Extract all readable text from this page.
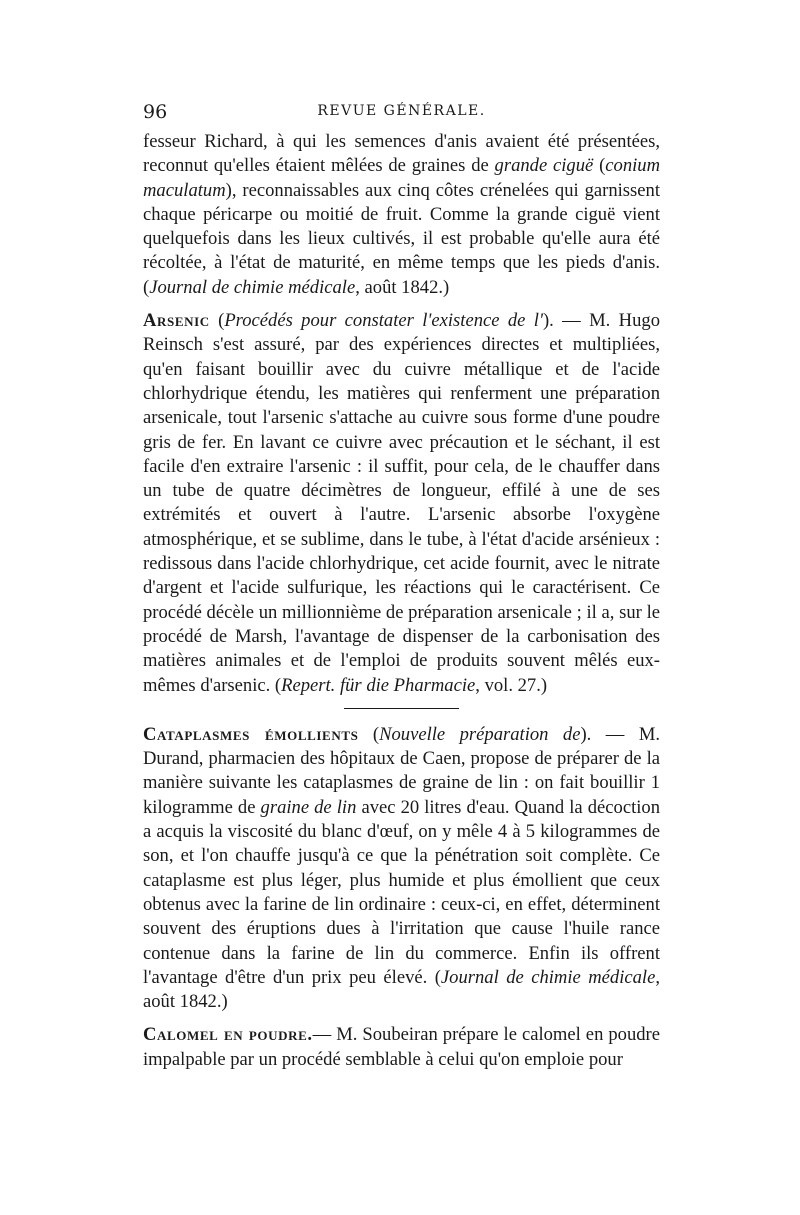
96	REVUE GÉNÉRALE.

fesseur Richard, à qui les semences d'anis avaient été présentées, reconnut qu'elles étaient mêlées de graines de grande ciguë (conium maculatum), reconnaissables aux cinq côtes crénelées qui garnissent chaque péricarpe ou moitié de fruit. Comme la grande ciguë vient quelquefois dans les lieux cultivés, il est probable qu'elle aura été récoltée, à l'état de maturité, en même temps que les pieds d'anis. (Journal de chimie médicale, août 1842.)

Arsenic (Procédés pour constater l'existence de l'). — M. Hugo Reinsch s'est assuré, par des expériences directes et multipliées, qu'en faisant bouillir avec du cuivre métallique et de l'acide chlorhydrique étendu, les matières qui renferment une préparation arsenicale, tout l'arsenic s'attache au cuivre sous forme d'une poudre gris de fer. En lavant ce cuivre avec précaution et le séchant, il est facile d'en extraire l'arsenic : il suffit, pour cela, de le chauffer dans un tube de quatre décimètres de longueur, effilé à une de ses extrémités et ouvert à l'autre. L'arsenic absorbe l'oxygène atmosphérique, et se sublime, dans le tube, à l'état d'acide arsénieux : redissous dans l'acide chlorhydrique, cet acide fournit, avec le nitrate d'argent et l'acide sulfurique, les réactions qui le caractérisent. Ce procédé décèle un millionnième de préparation arsenicale ; il a, sur le procédé de Marsh, l'avantage de dispenser de la carbonisation des matières animales et de l'emploi de produits souvent mêlés eux-mêmes d'arsenic. (Repert. für die Pharmacie, vol. 27.)

Cataplasmes émollients (Nouvelle préparation de). — M. Durand, pharmacien des hôpitaux de Caen, propose de préparer de la manière suivante les cataplasmes de graine de lin : on fait bouillir 1 kilogramme de graine de lin avec 20 litres d'eau. Quand la décoction a acquis la viscosité du blanc d'œuf, on y mêle 4 à 5 kilogrammes de son, et l'on chauffe jusqu'à ce que la pénétration soit complète. Ce cataplasme est plus léger, plus humide et plus émollient que ceux obtenus avec la farine de lin ordinaire : ceux-ci, en effet, déterminent souvent des éruptions dues à l'irritation que cause l'huile rance contenue dans la farine de lin du commerce. Enfin ils offrent l'avantage d'être d'un prix peu élevé. (Journal de chimie médicale, août 1842.)

Calomel en poudre.— M. Soubeiran prépare le calomel en poudre impalpable par un procédé semblable à celui qu'on emploie pour
